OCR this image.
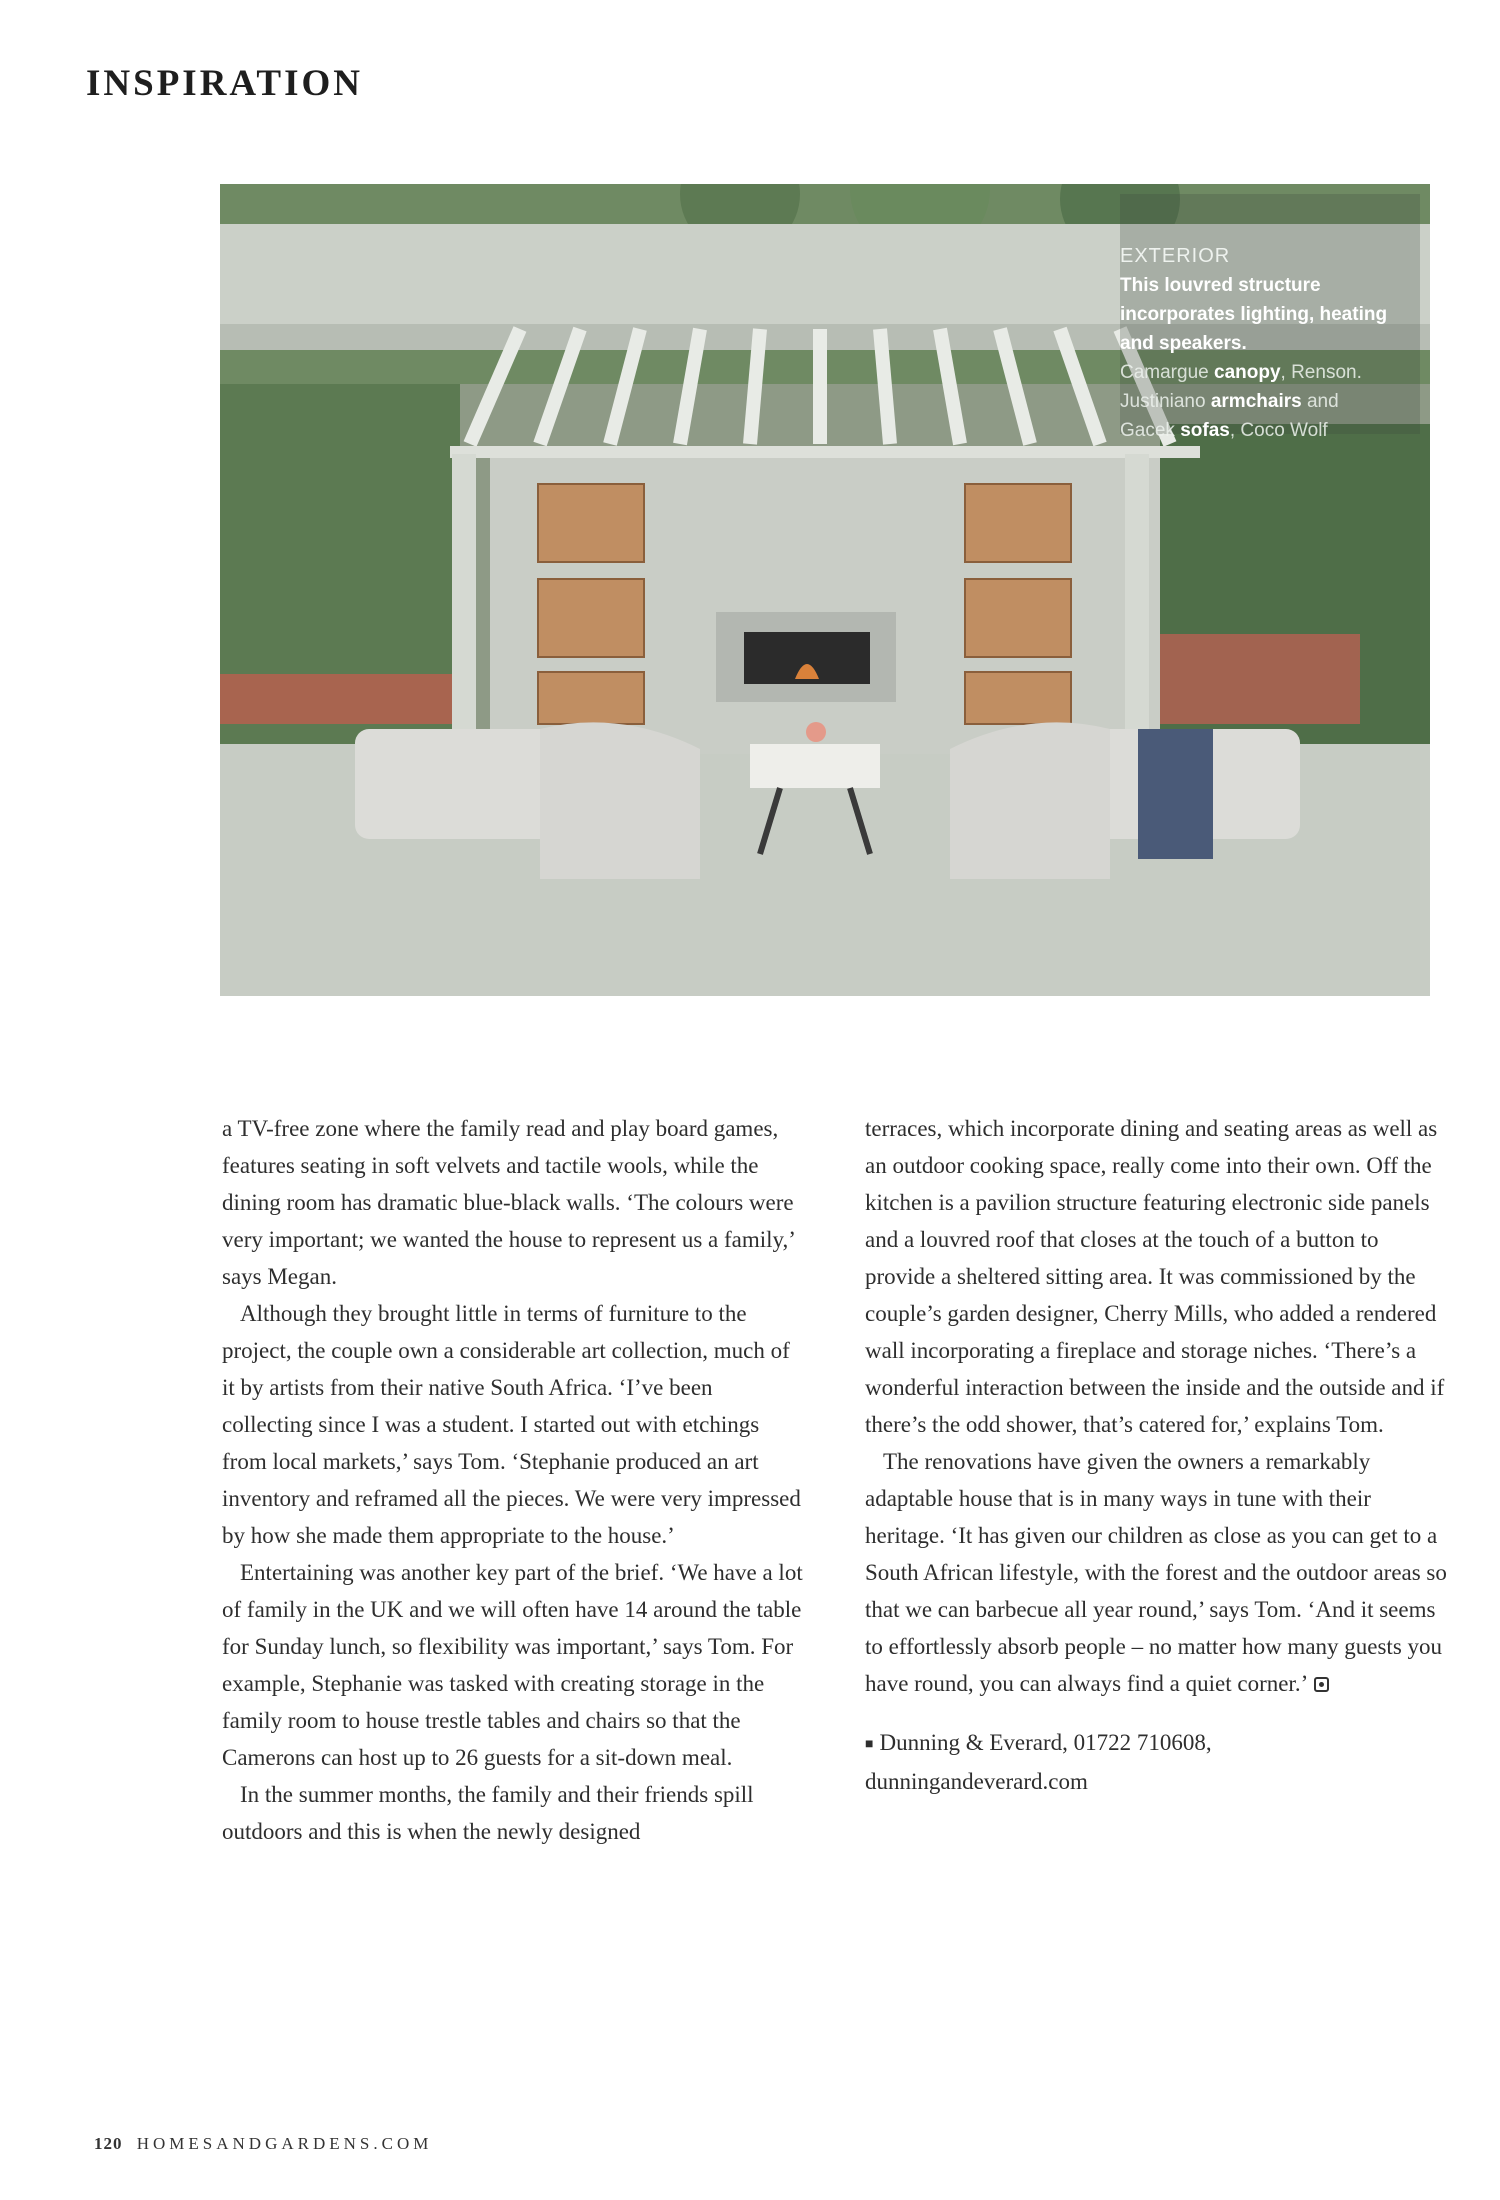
INSPIRATION
EXTERIOR
This louvred structure incorporates lighting, heating and speakers.
Camargue canopy, Renson.
Justiniano armchairs and
Gacek sofas, Coco Wolf

a TV-free zone where the family read and play board games, features seating in soft velvets and tactile wools, while the dining room has dramatic blue-black walls. ‘The colours were very important; we wanted the house to represent us a family,’ says Megan.

Although they brought little in terms of furniture to the project, the couple own a considerable art collection, much of it by artists from their native South Africa. ‘I’ve been collecting since I was a student. I started out with etchings from local markets,’ says Tom. ‘Stephanie produced an art inventory and reframed all the pieces. We were very impressed by how she made them appropriate to the house.’

Entertaining was another key part of the brief. ‘We have a lot of family in the UK and we will often have 14 around the table for Sunday lunch, so flexibility was important,’ says Tom. For example, Stephanie was tasked with creating storage in the family room to house trestle tables and chairs so that the Camerons can host up to 26 guests for a sit-down meal.

In the summer months, the family and their friends spill outdoors and this is when the newly designed

terraces, which incorporate dining and seating areas as well as an outdoor cooking space, really come into their own. Off the kitchen is a pavilion structure featuring electronic side panels and a louvred roof that closes at the touch of a button to provide a sheltered sitting area. It was commissioned by the couple’s garden designer, Cherry Mills, who added a rendered wall incorporating a fireplace and storage niches. ‘There’s a wonderful interaction between the inside and the outside and if there’s the odd shower, that’s catered for,’ explains Tom.

The renovations have given the owners a remarkably adaptable house that is in many ways in tune with their heritage. ‘It has given our children as close as you can get to a South African lifestyle, with the forest and the outdoor areas so that we can barbecue all year round,’ says Tom. ‘And it seems to effortlessly absorb people – no matter how many guests you have round, you can always find a quiet corner.’

■ Dunning & Everard, 01722 710608,
dunningandeverard.com

120 HOMESANDGARDENS.COM
